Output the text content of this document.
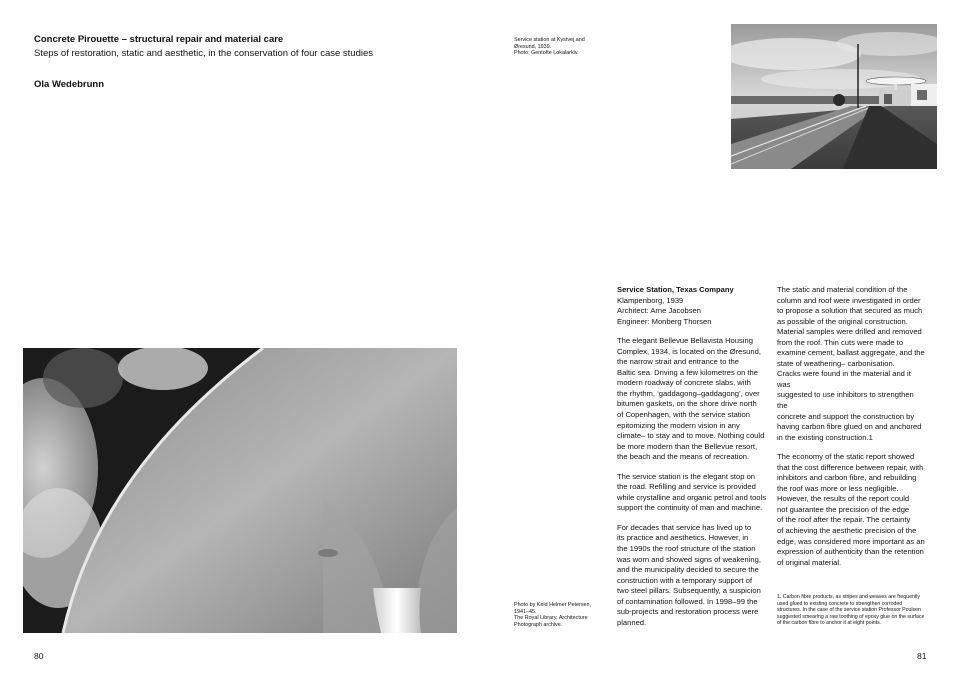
Concrete Pirouette – structural repair and material care
Steps of restoration, static and aesthetic, in the conservation of four case studies
Ola Wedebrunn
Service station at Kystvej and
Øresund, 1939.
Photo: Gentofte Lokalarkiv.

Service Station, Texas Company
Klampenborg, 1939
Architect: Arne Jacobsen
Engineer: Monberg Thorsen

The elegant Bellevue Bellavista Housing
Complex, 1934, is located on the Øresund,
the narrow strait and entrance to the
Baltic sea. Driving a few kilometres on the
modern roadway of concrete slabs, with
the rhythm, ‘gaddagong–gaddagong’, over
bitumen gaskets, on the shore drive north
of Copenhagen, with the service station
epitomizing the modern vision in any
climate– to stay and to move. Nothing could
be more modern than the Bellevue resort,
the beach and the means of recreation.

The service station is the elegant stop on
the road. Refilling and service is provided
while crystalline and organic petrol and tools
support the continuity of man and machine.

For decades that service has lived up to
its practice and aesthetics. However, in
the 1990s the roof structure of the station
was worn and showed signs of weakening,
and the municipality decided to secure the
construction with a temporary support of
two steel pillars. Subsequently, a suspicion
of contamination followed. In 1998–99 the
sub-projects and restoration process were
planned.

The static and material condition of the
column and roof were investigated in order
to propose a solution that secured as much
as possible of the original construction.
Material samples were drilled and removed
from the roof. Thin cuts were made to
examine cement, ballast aggregate, and the
state of weathering– carbonisation.
Cracks were found in the material and it was
suggested to use inhibitors to strengthen the
concrete and support the construction by
having carbon fibre glued on and anchored
in the existing construction.1

The economy of the static report showed
that the cost difference between repair, with
inhibitors and carbon fibre, and rebuilding
the roof was more or less negligible.
However, the results of the report could
not guarantee the precision of the edge
of the roof after the repair. The certainty
of achieving the aesthetic precision of the
edge, was considered more important as an
expression of authenticity than the retention
of original material.

Photo by Keld Helmer Petersen,
1941–45.
The Royal Library, Architecture
Photograph archive.
1. Carbon fibre products, as stripes and weaves are frequently
used glued to existing concrete to strengthen corroded
structures. In the case of the service station Professor Poulsen
suggested smearing a raw toothing of epoxy glue on the surface
of the carbon fibre to anchor it at eight points.
80	81
